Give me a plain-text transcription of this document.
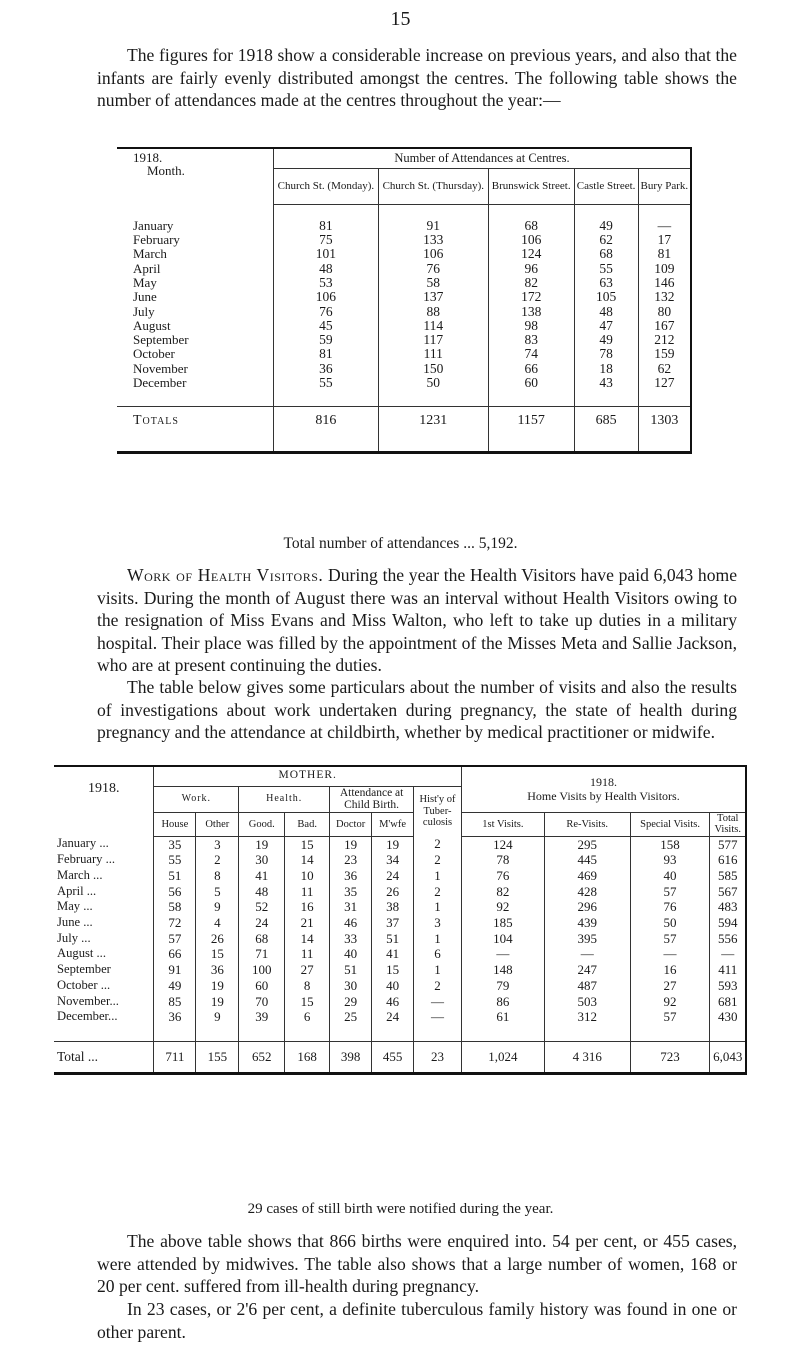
15

The figures for 1918 show a considerable increase on previous years, and also that the infants are fairly evenly distributed amongst the centres. The following table shows the number of attendances made at the centres throughout the year:—

1918.
Month.	Number of Attendances at Centres.				
	Church St. (Monday).	Church St. (Thursday).	Brunswick Street.	Castle Street.	Bury Park.

January	81	91	68	49	—
February	75	133	106	62	17
March	101	106	124	68	81
April	48	76	96	55	109
May	53	58	82	63	146
June	106	137	172	105	132
July	76	88	138	48	80
August	45	114	98	47	167
September	59	117	83	49	212
October	81	111	74	78	159
November	36	150	66	18	62
December	55	50	60	43	127

Totals	816	1231	1157	685	1303

Total number of attendances ... 5,192.

Work of Health Visitors. During the year the Health Visitors have paid 6,043 home visits. During the month of August there was an interval without Health Visitors owing to the resignation of Miss Evans and Miss Walton, who left to take up duties in a military hospital. Their place was filled by the appointment of the Misses Meta and Sallie Jackson, who are at present continuing the duties.

The table below gives some particulars about the number of visits and also the results of investigations about work undertaken during pregnancy, the state of health during pregnancy and the attendance at childbirth, whether by medical practitioner or midwife.

1918.	MOTHER.							1918.
Home Visits by Health Visitors.			
	Work.		Health.		Attendance at Child Birth.		Hist'y of Tuber-culosis				
	House	Other	Good.	Bad.	Doctor	M'wfe		1st Visits.	Re-Visits.	Special Visits.	Total Visits.
January ...	35	3	19	15	19	19	2	124	295	158	577
February ...	55	2	30	14	23	34	2	78	445	93	616
March ...	51	8	41	10	36	24	1	76	469	40	585
April ...	56	5	48	11	35	26	2	82	428	57	567
May ...	58	9	52	16	31	38	1	92	296	76	483
June ...	72	4	24	21	46	37	3	185	439	50	594
July ...	57	26	68	14	33	51	1	104	395	57	556
August ...	66	15	71	11	40	41	6	—	—	—	—
September	91	36	100	27	51	15	1	148	247	16	411
October ...	49	19	60	8	30	40	2	79	487	27	593
November...	85	19	70	15	29	46	—	86	503	92	681
December...	36	9	39	6	25	24	—	61	312	57	430

Total ...	711	155	652	168	398	455	23	1,024	4 316	723	6,043
29 cases of still birth were notified during the year.

The above table shows that 866 births were enquired into. 54 per cent, or 455 cases, were attended by midwives. The table also shows that a large number of women, 168 or 20 per cent. suffered from ill-health during pregnancy.

In 23 cases, or 2'6 per cent, a definite tuberculous family history was found in one or other parent.
